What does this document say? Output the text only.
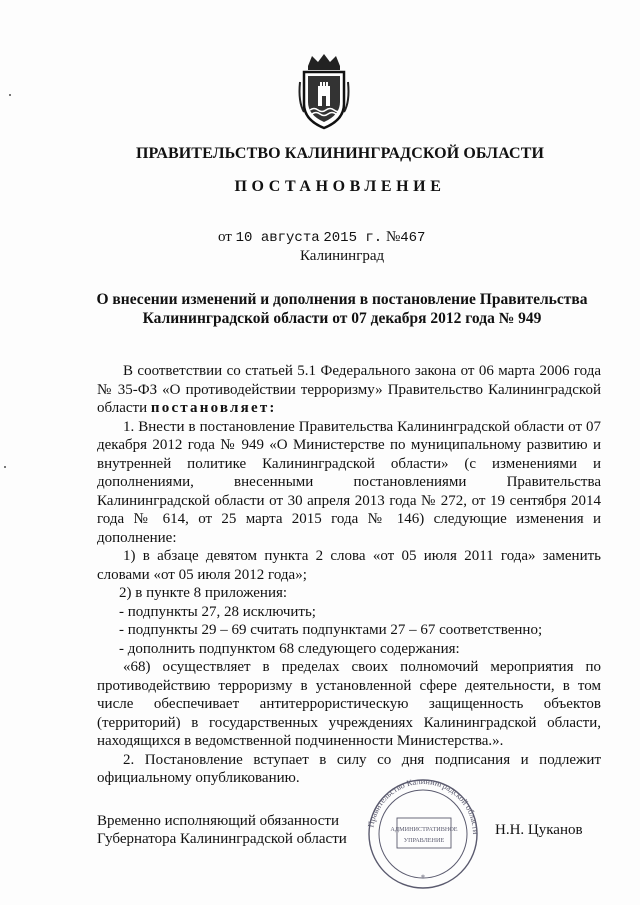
ПРАВИТЕЛЬСТВО КАЛИНИНГРАДСКОЙ ОБЛАСТИ
ПОСТАНОВЛЕНИЕ
от 10 августа 2015 г. №467
Калининград
О внесении изменений и дополнения в постановление Правительства Калининградской области от 07 декабря 2012 года № 949

В соответствии со статьей 5.1 Федерального закона от 06 марта 2006 года № 35-ФЗ «О противодействии терроризму» Правительство Калининградской области постановляет:

1. Внести в постановление Правительства Калининградской области от 07 декабря 2012 года № 949 «О Министерстве по муниципальному развитию и внутренней политике Калининградской области» (с изменениями и дополнениями, внесенными постановлениями Правительства Калининградской области от 30 апреля 2013 года № 272, от 19 сентября 2014 года № 614, от 25 марта 2015 года № 146) следующие изменения и дополнение:

1) в абзаце девятом пункта 2 слова «от 05 июля 2011 года» заменить словами «от 05 июля 2012 года»;

2) в пункте 8 приложения:

- подпункты 27, 28 исключить;

- подпункты 29 – 69 считать подпунктами 27 – 67 соответственно;

- дополнить подпунктом 68 следующего содержания:

«68) осуществляет в пределах своих полномочий мероприятия по противодействию терроризму в установленной сфере деятельности, в том числе обеспечивает антитеррористическую защищенность объектов (территорий) в государственных учреждениях Калининградской области, находящихся в ведомственной подчиненности Министерства.».

2. Постановление вступает в силу со дня подписания и подлежит официальному опубликованию.

Временно исполняющий обязанности
Губернатора Калининградской области
Правительство Калининградской области
АДМИНИСТРАТИВНОЕ
УПРАВЛЕНИЕ
*
Н.Н. Цуканов
